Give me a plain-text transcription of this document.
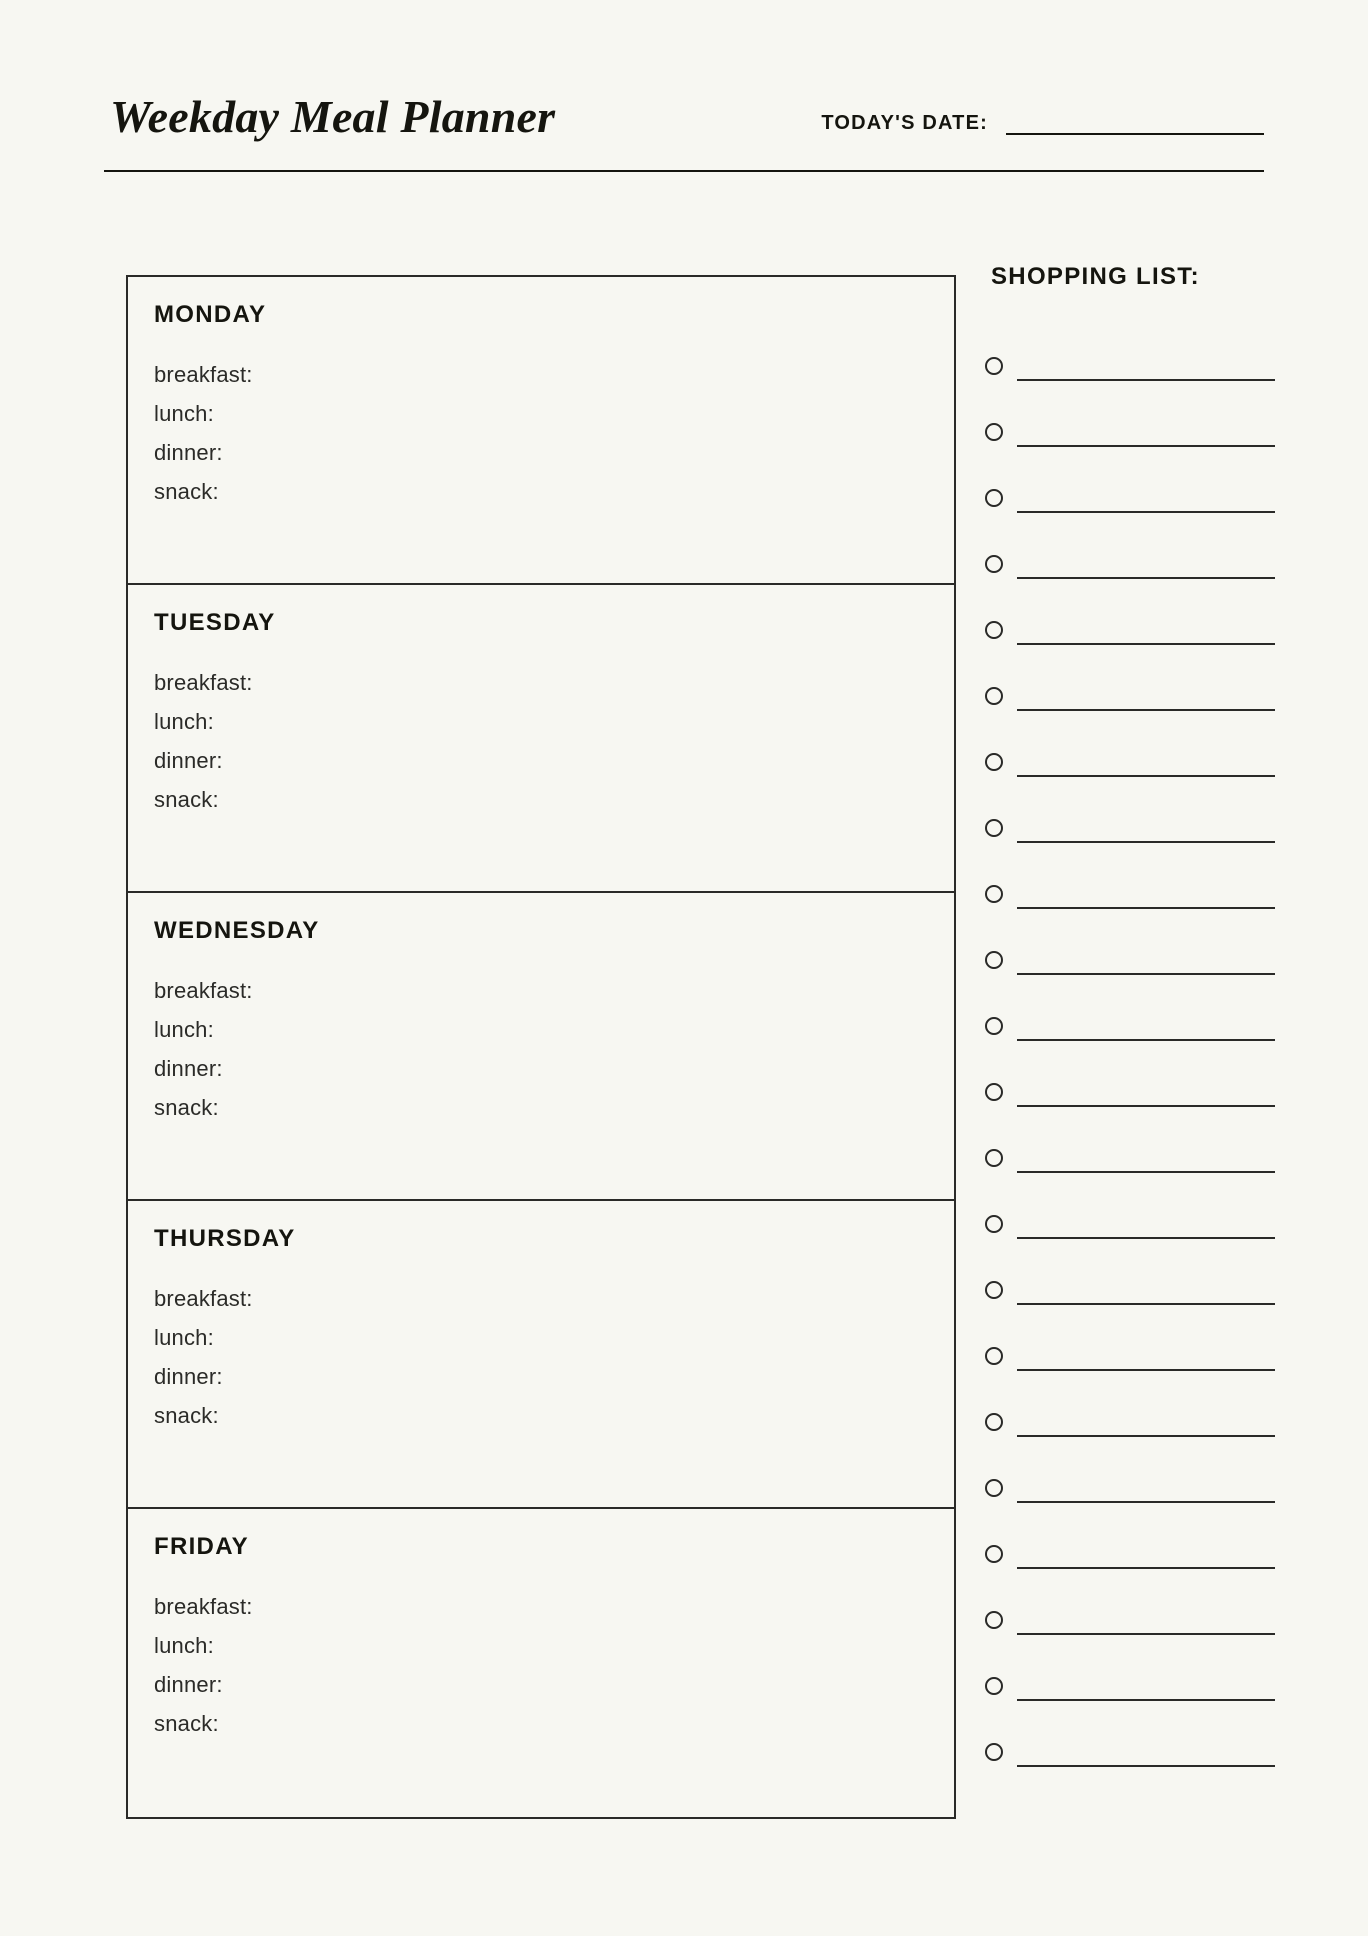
Weekday Meal Planner	TODAY'S DATE:
MONDAY
breakfast:
lunch:
dinner:
snack:
TUESDAY
breakfast:
lunch:
dinner:
snack:
WEDNESDAY
breakfast:
lunch:
dinner:
snack:
THURSDAY
breakfast:
lunch:
dinner:
snack:
FRIDAY
breakfast:
lunch:
dinner:
snack:
SHOPPING LIST:
